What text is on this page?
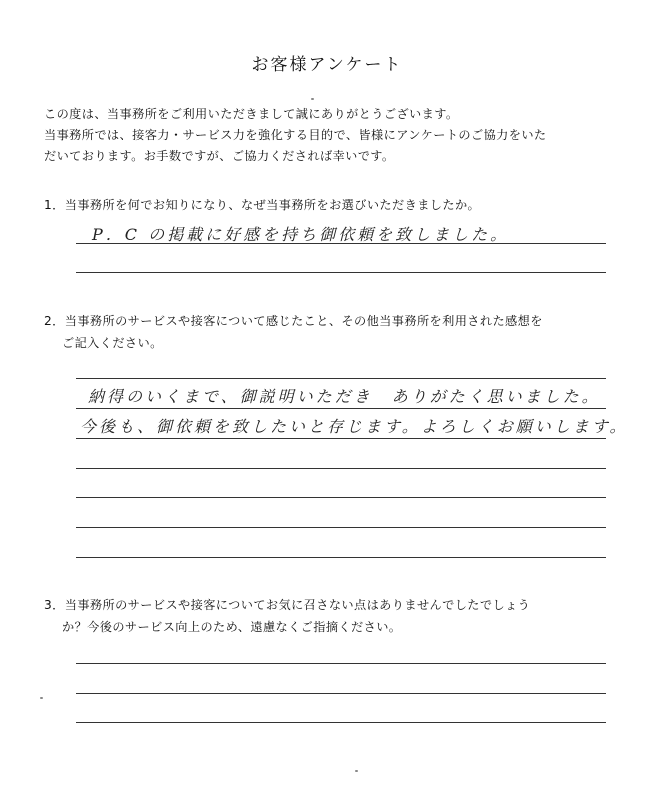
お客様アンケート
この度は、当事務所をご利用いただきまして誠にありがとうございます。
当事務所では、接客力・サービス力を強化する目的で、皆様にアンケートのご協力をいた
だいております。お手数ですが、ご協力くだされば幸いです。
1．当事務所を何でお知りになり、なぜ当事務所をお選びいただきましたか。
P．C の掲載に好感を持ち御依頼を致しました。
2．当事務所のサービスや接客について感じたこと、その他当事務所を利用された感想を
ご記入ください。
納得のいくまで、御説明いただき　ありがたく思いました。
今後も、御依頼を致したいと存じます。よろしくお願いします。
3．当事務所のサービスや接客についてお気に召さない点はありませんでしたでしょう
か？今後のサービス向上のため、遠慮なくご指摘ください。
